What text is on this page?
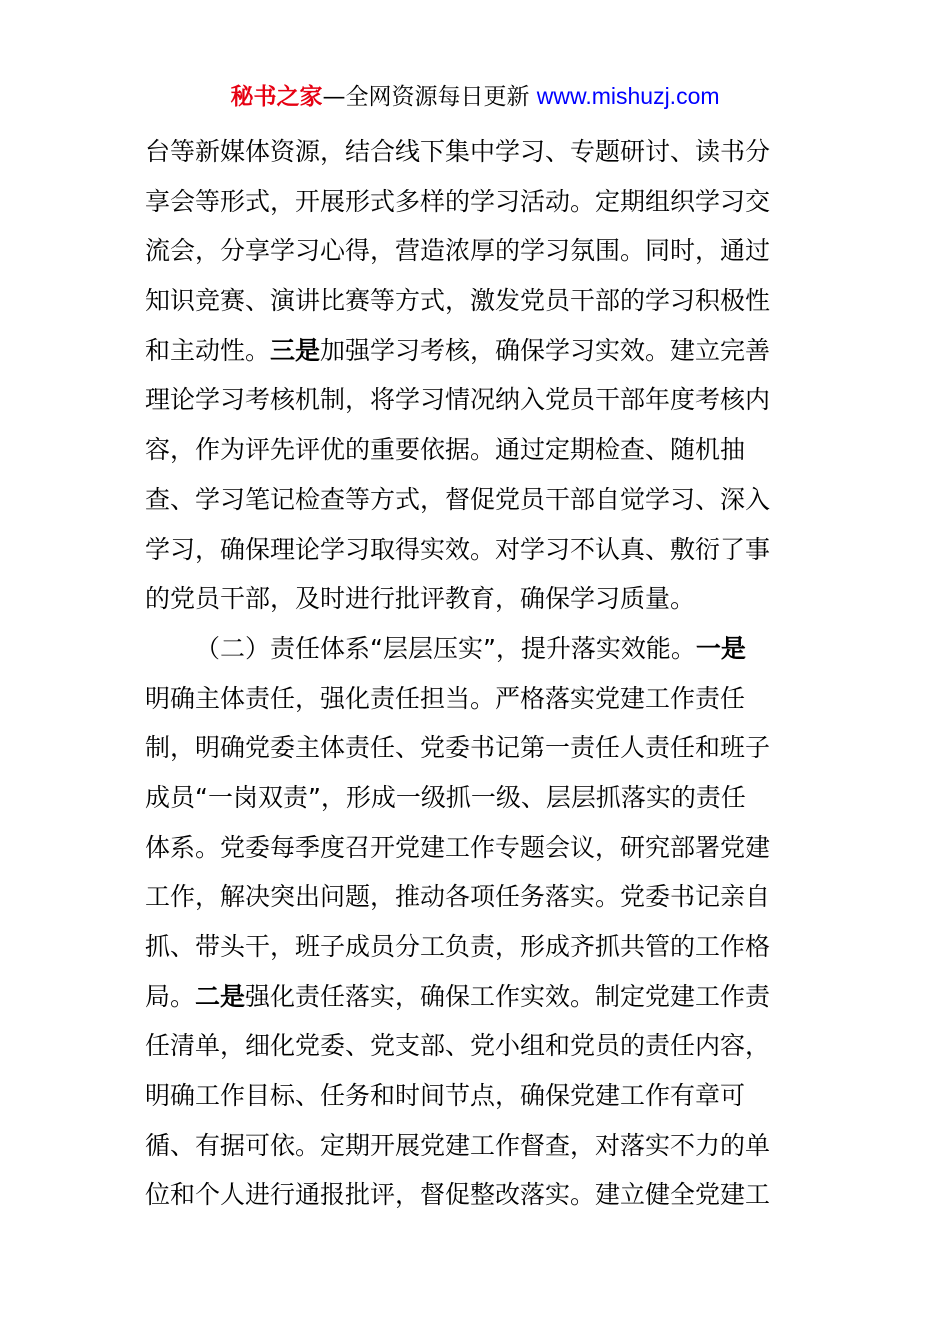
秘书之家—全网资源每日更新 www.mishuzj.com
台等新媒体资源，结合线下集中学习、专题研讨、读书分
享会等形式，开展形式多样的学习活动。定期组织学习交
流会，分享学习心得，营造浓厚的学习氛围。同时，通过
知识竞赛、演讲比赛等方式，激发党员干部的学习积极性
和主动性。三是加强学习考核，确保学习实效。建立完善
理论学习考核机制，将学习情况纳入党员干部年度考核内
容，作为评先评优的重要依据。通过定期检查、随机抽
查、学习笔记检查等方式，督促党员干部自觉学习、深入
学习，确保理论学习取得实效。对学习不认真、敷衍了事
的党员干部，及时进行批评教育，确保学习质量。
（二）责任体系“层层压实”，提升落实效能。一是
明确主体责任，强化责任担当。严格落实党建工作责任
制，明确党委主体责任、党委书记第一责任人责任和班子
成员“一岗双责”，形成一级抓一级、层层抓落实的责任
体系。党委每季度召开党建工作专题会议，研究部署党建
工作，解决突出问题，推动各项任务落实。党委书记亲自
抓、带头干，班子成员分工负责，形成齐抓共管的工作格
局。二是强化责任落实，确保工作实效。制定党建工作责
任清单，细化党委、党支部、党小组和党员的责任内容，
明确工作目标、任务和时间节点，确保党建工作有章可
循、有据可依。定期开展党建工作督查，对落实不力的单
位和个人进行通报批评，督促整改落实。建立健全党建工
